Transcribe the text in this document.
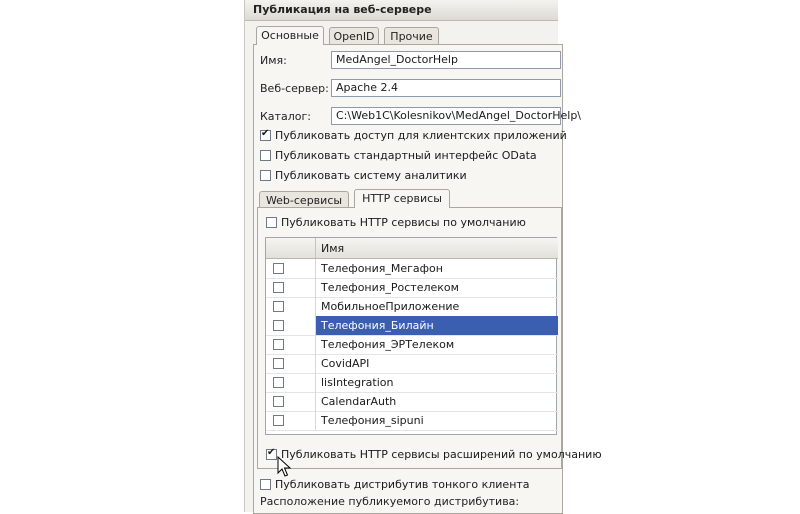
Публикация на веб-сервере
Основные	OpenID	Прочие
Имя:	MedAngel_DoctorHelp
Веб-сервер: Apache 2.4
Каталог:	C:\Web1C\Kolesnikov\MedAngel_DoctorHelp\
✔
Публиковать доступ для клиентских приложений
Публиковать стандартный интерфейс OData
Публиковать систему аналитики
Web-сервисы	HTTP сервисы
Публиковать HTTP сервисы по умолчанию
✔
Публиковать HTTP сервисы расширений по умолчанию
Публиковать дистрибутив тонкого клиента
Расположение публикуемого дистрибутива:
Имя
Телефония_Мегафон
Телефония_Ростелеком
МобильноеПриложение
Телефония_Билайн
Телефония_ЭРТелеком
CovidAPI
lisIntegration
CalendarAuth
Телефония_sipuni
